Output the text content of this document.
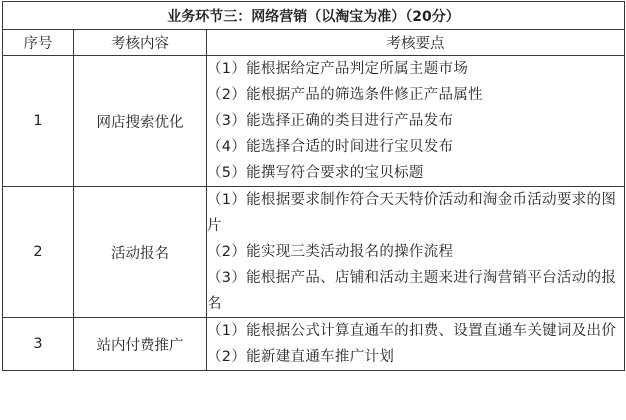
业务环节三：网络营销（以淘宝为准）（20分）		
序号	考核内容	考核要点
1	网店搜索优化	（1）能根据给定产品判定所属主题市场
（2）能根据产品的筛选条件修正产品属性
（3）能选择正确的类目进行产品发布
（4）能选择合适的时间进行宝贝发布
（5）能撰写符合要求的宝贝标题

2	活动报名	（1）能根据要求制作符合天天特价活动和淘金币活动要求的图片
（2）能实现三类活动报名的操作流程
（3）能根据产品、店铺和活动主题来进行淘营销平台活动的报名

3	站内付费推广	（1）能根据公式计算直通车的扣费、设置直通车关键词及出价
（2）能新建直通车推广计划
